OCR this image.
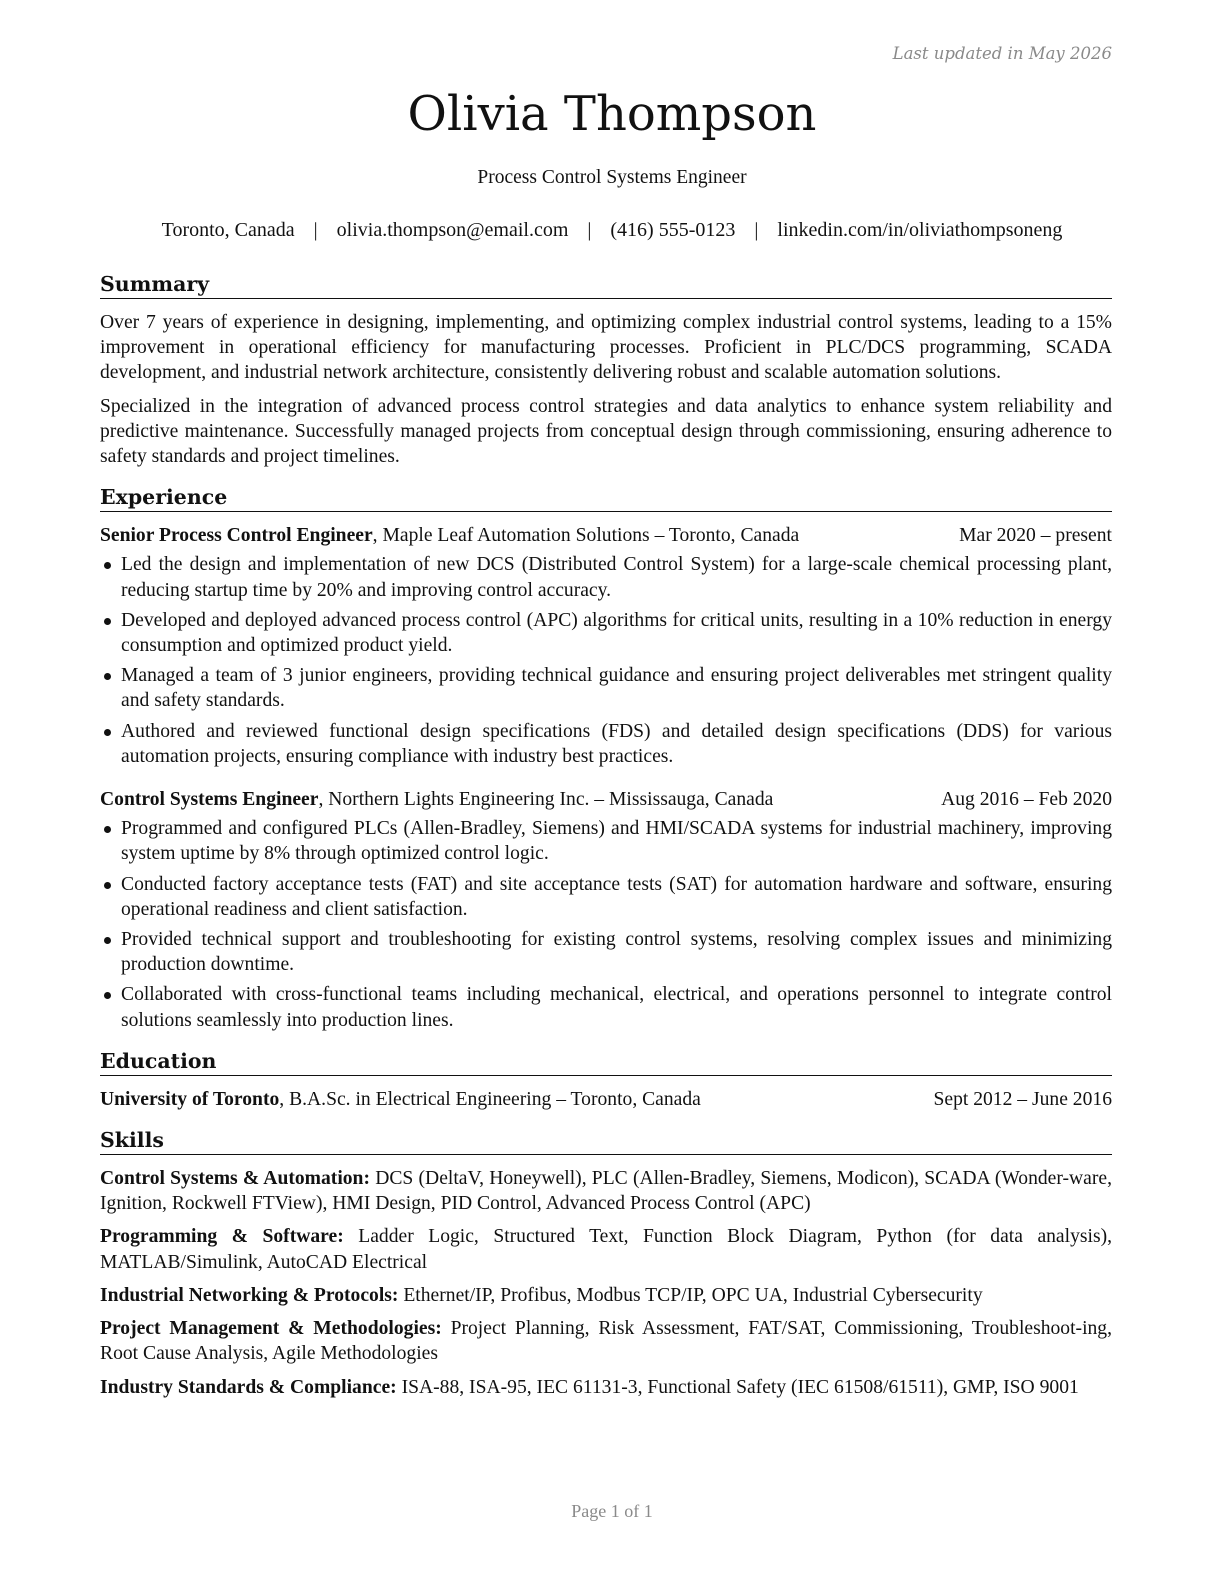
Last updated in May 2026
Olivia Thompson
Process Control Systems Engineer
Toronto, Canada | olivia.thompson@email.com | (416) 555-0123 | linkedin.com/in/oliviathompsoneng
Summary

Over 7 years of experience in designing, implementing, and optimizing complex industrial control systems, leading to a 15% improvement in operational efficiency for manufacturing processes. Proficient in PLC/DCS programming, SCADA development, and industrial network architecture, consistently delivering robust and scalable automation solutions.

Specialized in the integration of advanced process control strategies and data analytics to enhance system reliability and predictive maintenance. Successfully managed projects from conceptual design through commissioning, ensuring adherence to safety standards and project timelines.

Experience
Senior Process Control Engineer, Maple Leaf Automation Solutions – Toronto, Canada	Mar 2020 – present
Led the design and implementation of new DCS (Distributed Control System) for a large-scale chemical processing plant, reducing startup time by 20% and improving control accuracy.
Developed and deployed advanced process control (APC) algorithms for critical units, resulting in a 10% reduction in energy consumption and optimized product yield.
Managed a team of 3 junior engineers, providing technical guidance and ensuring project deliverables met stringent quality and safety standards.
Authored and reviewed functional design specifications (FDS) and detailed design specifications (DDS) for various automation projects, ensuring compliance with industry best practices.
Control Systems Engineer, Northern Lights Engineering Inc. – Mississauga, Canada	Aug 2016 – Feb 2020
Programmed and configured PLCs (Allen-Bradley, Siemens) and HMI/SCADA systems for industrial machinery, improving system uptime by 8% through optimized control logic.
Conducted factory acceptance tests (FAT) and site acceptance tests (SAT) for automation hardware and software, ensuring operational readiness and client satisfaction.
Provided technical support and troubleshooting for existing control systems, resolving complex issues and minimizing production downtime.
Collaborated with cross-functional teams including mechanical, electrical, and operations personnel to integrate control solutions seamlessly into production lines.
Education
University of Toronto, B.A.Sc. in Electrical Engineering – Toronto, Canada	Sept 2012 – June 2016
Skills

Control Systems & Automation: DCS (DeltaV, Honeywell), PLC (Allen-Bradley, Siemens, Modicon), SCADA (Wonder-ware, Ignition, Rockwell FTView), HMI Design, PID Control, Advanced Process Control (APC)

Programming & Software: Ladder Logic, Structured Text, Function Block Diagram, Python (for data analysis), MATLAB/Simulink, AutoCAD Electrical

Industrial Networking & Protocols: Ethernet/IP, Profibus, Modbus TCP/IP, OPC UA, Industrial Cybersecurity

Project Management & Methodologies: Project Planning, Risk Assessment, FAT/SAT, Commissioning, Troubleshoot-ing, Root Cause Analysis, Agile Methodologies

Industry Standards & Compliance: ISA-88, ISA-95, IEC 61131-3, Functional Safety (IEC 61508/61511), GMP, ISO 9001

Page 1 of 1
